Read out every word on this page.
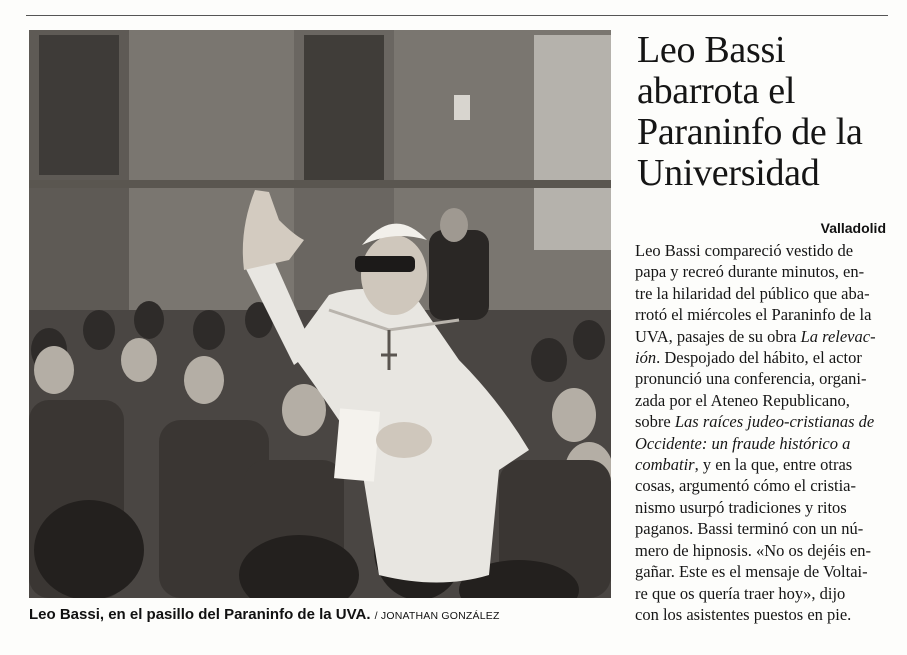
Leo Bassi, en el pasillo del Paraninfo de la UVA. / JONATHAN GONZÁLEZ
Leo Bassi
abarrota el
Paraninfo de la
Universidad
Valladolid
Leo Bassi compareció vestido de
papa y recreó durante minutos, en-
tre la hilaridad del público que aba-
rrotó el miércoles el Paraninfo de la
UVA, pasajes de su obra La relevac-
ión. Despojado del hábito, el actor
pronunció una conferencia, organi-
zada por el Ateneo Republicano,
sobre Las raíces judeo-cristianas de
Occidente: un fraude histórico a
combatir, y en la que, entre otras
cosas, argumentó cómo el cristia-
nismo usurpó tradiciones y ritos
paganos. Bassi terminó con un nú-
mero de hipnosis. «No os dejéis en-
gañar. Este es el mensaje de Voltai-
re que os quería traer hoy», dijo
con los asistentes puestos en pie.
